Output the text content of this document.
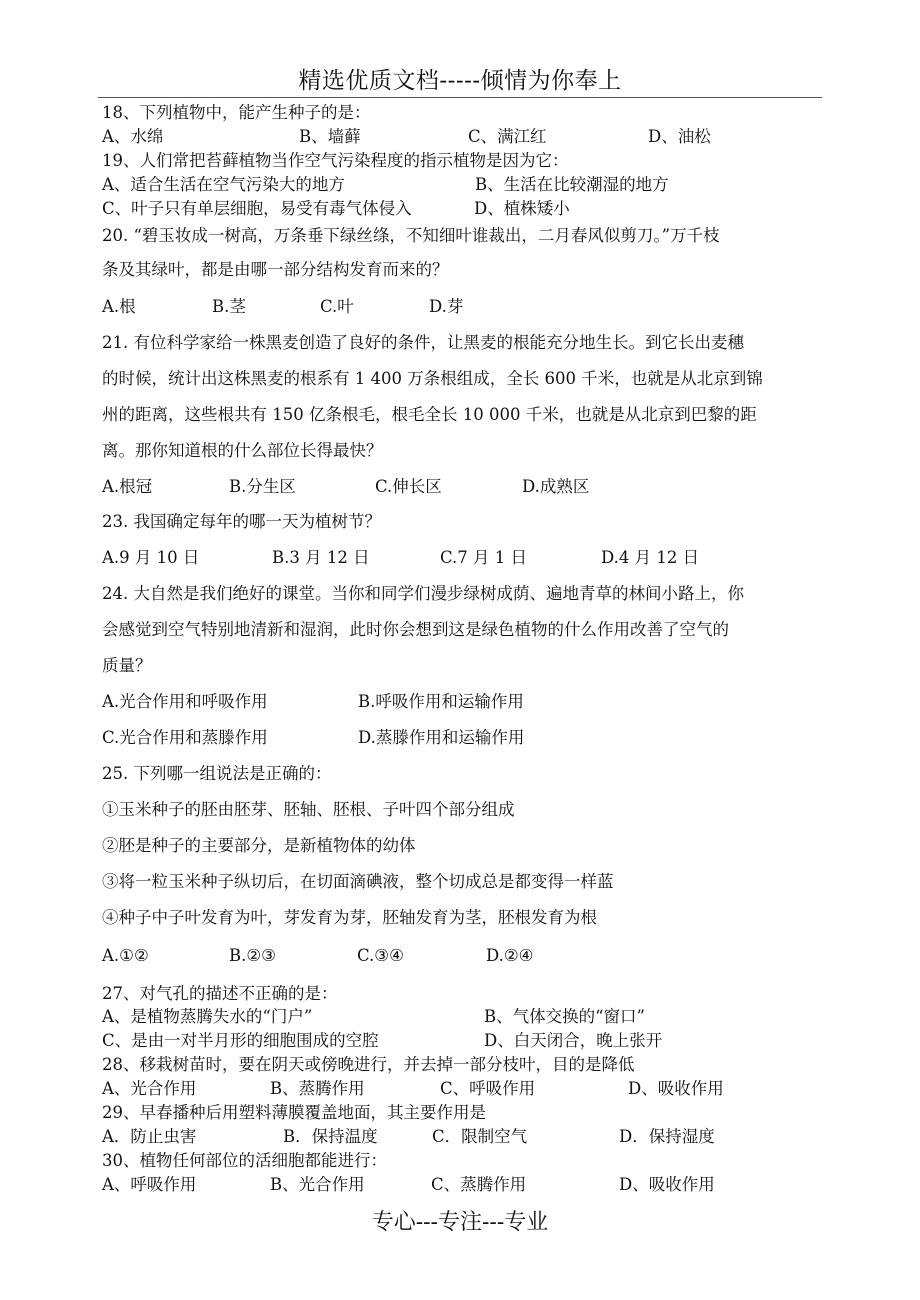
精选优质文档-----倾情为你奉上
18、下列植物中，能产生种子的是：
A、水绵	B、墙藓	C、满江红	D、油松
19、人们常把苔藓植物当作空气污染程度的指示植物是因为它：
A、适合生活在空气污染大的地方	B、生活在比较潮湿的地方
C、叶子只有单层细胞，易受有毒气体侵入	D、植株矮小
20. “碧玉妆成一树高，万条垂下绿丝绦，不知细叶谁裁出，二月春风似剪刀。”万千枝
条及其绿叶，都是由哪一部分结构发育而来的？
A.根	B.茎	C.叶	D.芽
21. 有位科学家给一株黑麦创造了良好的条件，让黑麦的根能充分地生长。到它长出麦穗
的时候，统计出这株黑麦的根系有 1 400 万条根组成，全长 600 千米，也就是从北京到锦
州的距离，这些根共有 150 亿条根毛，根毛全长 10 000 千米，也就是从北京到巴黎的距
离。那你知道根的什么部位长得最快？
A.根冠	B.分生区	C.伸长区	D.成熟区
23. 我国确定每年的哪一天为植树节？
A.9 月 10 日	B.3 月 12 日	C.7 月 1 日	D.4 月 12 日
24. 大自然是我们绝好的课堂。当你和同学们漫步绿树成荫、遍地青草的林间小路上，你
会感觉到空气特别地清新和湿润，此时你会想到这是绿色植物的什么作用改善了空气的
质量？
A.光合作用和呼吸作用	B.呼吸作用和运输作用
C.光合作用和蒸滕作用	D.蒸滕作用和运输作用
25. 下列哪一组说法是正确的：
①玉米种子的胚由胚芽、胚轴、胚根、子叶四个部分组成
②胚是种子的主要部分，是新植物体的幼体
③将一粒玉米种子纵切后，在切面滴碘液，整个切成总是都变得一样蓝
④种子中子叶发育为叶，芽发育为芽，胚轴发育为茎，胚根发育为根
A.①②	B.②③	C.③④	D.②④
27、对气孔的描述不正确的是：
A、是植物蒸腾失水的“门户”	B、气体交换的“窗口”
C、是由一对半月形的细胞围成的空腔	D、白天闭合，晚上张开
28、移栽树苗时，要在阴天或傍晚进行，并去掉一部分枝叶，目的是降低
A、光合作用	B、蒸腾作用	C、呼吸作用	D、吸收作用
29、早春播种后用塑料薄膜覆盖地面，其主要作用是
A．防止虫害	B．保持温度	C．限制空气	D．保持湿度
30、植物任何部位的活细胞都能进行：
A、呼吸作用	B、光合作用	C、蒸腾作用	D、吸收作用
专心---专注---专业
